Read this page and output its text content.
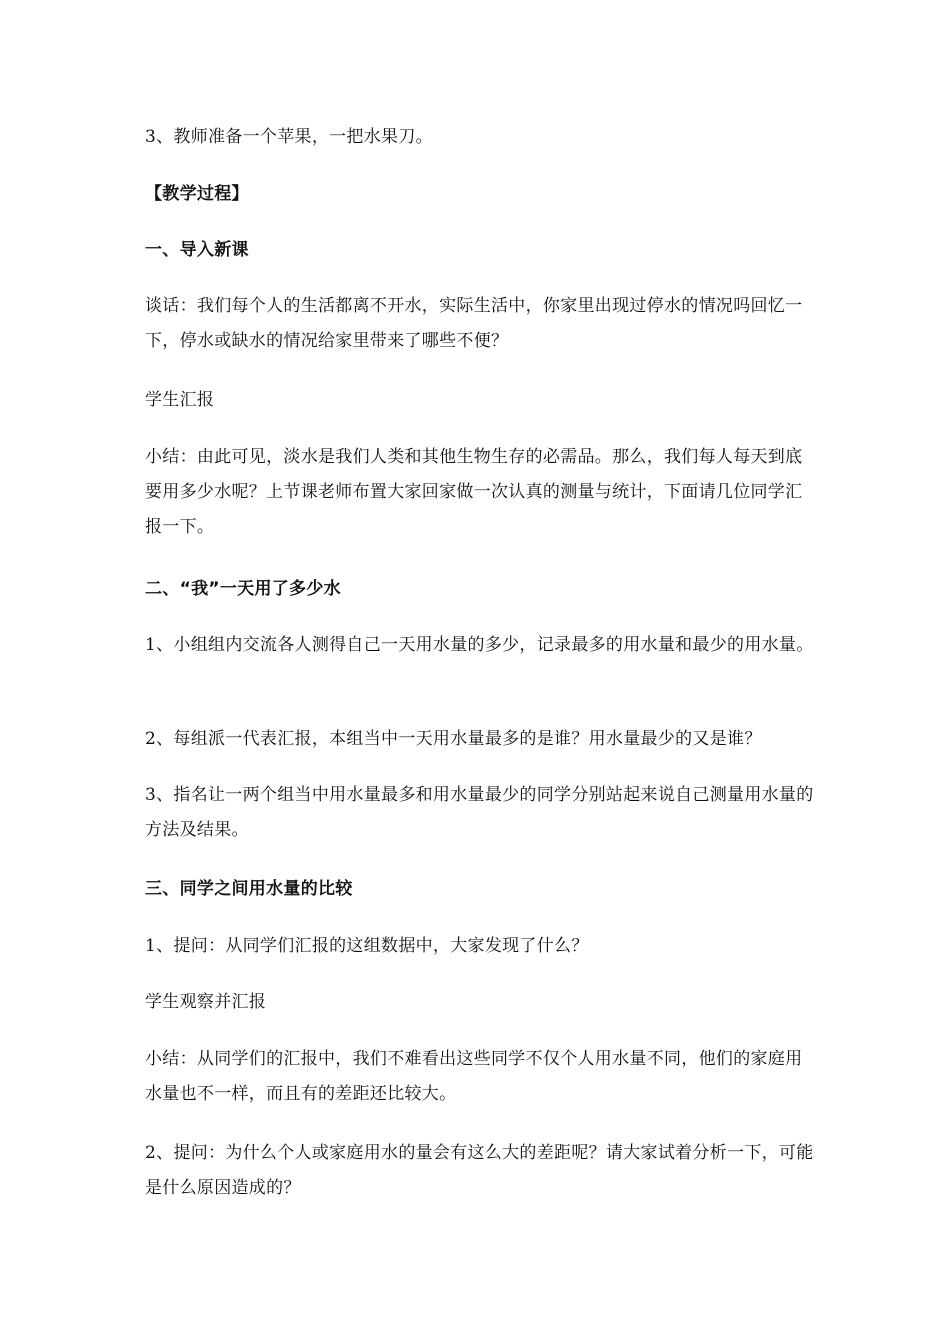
3、教师准备一个苹果，一把水果刀。

【教学过程】

一、导入新课

谈话：我们每个人的生活都离不开水，实际生活中，你家里出现过停水的情况吗回忆一下，停水或缺水的情况给家里带来了哪些不便？

学生汇报

小结：由此可见，淡水是我们人类和其他生物生存的必需品。那么，我们每人每天到底要用多少水呢？上节课老师布置大家回家做一次认真的测量与统计，下面请几位同学汇报一下。

二、“我”一天用了多少水

1、小组组内交流各人测得自己一天用水量的多少，记录最多的用水量和最少的用水量。

2、每组派一代表汇报，本组当中一天用水量最多的是谁？用水量最少的又是谁？

3、指名让一两个组当中用水量最多和用水量最少的同学分别站起来说自己测量用水量的方法及结果。

三、同学之间用水量的比较

1、提问：从同学们汇报的这组数据中，大家发现了什么？

学生观察并汇报

小结：从同学们的汇报中，我们不难看出这些同学不仅个人用水量不同，他们的家庭用水量也不一样，而且有的差距还比较大。

2、提问：为什么个人或家庭用水的量会有这么大的差距呢？请大家试着分析一下，可能是什么原因造成的？
